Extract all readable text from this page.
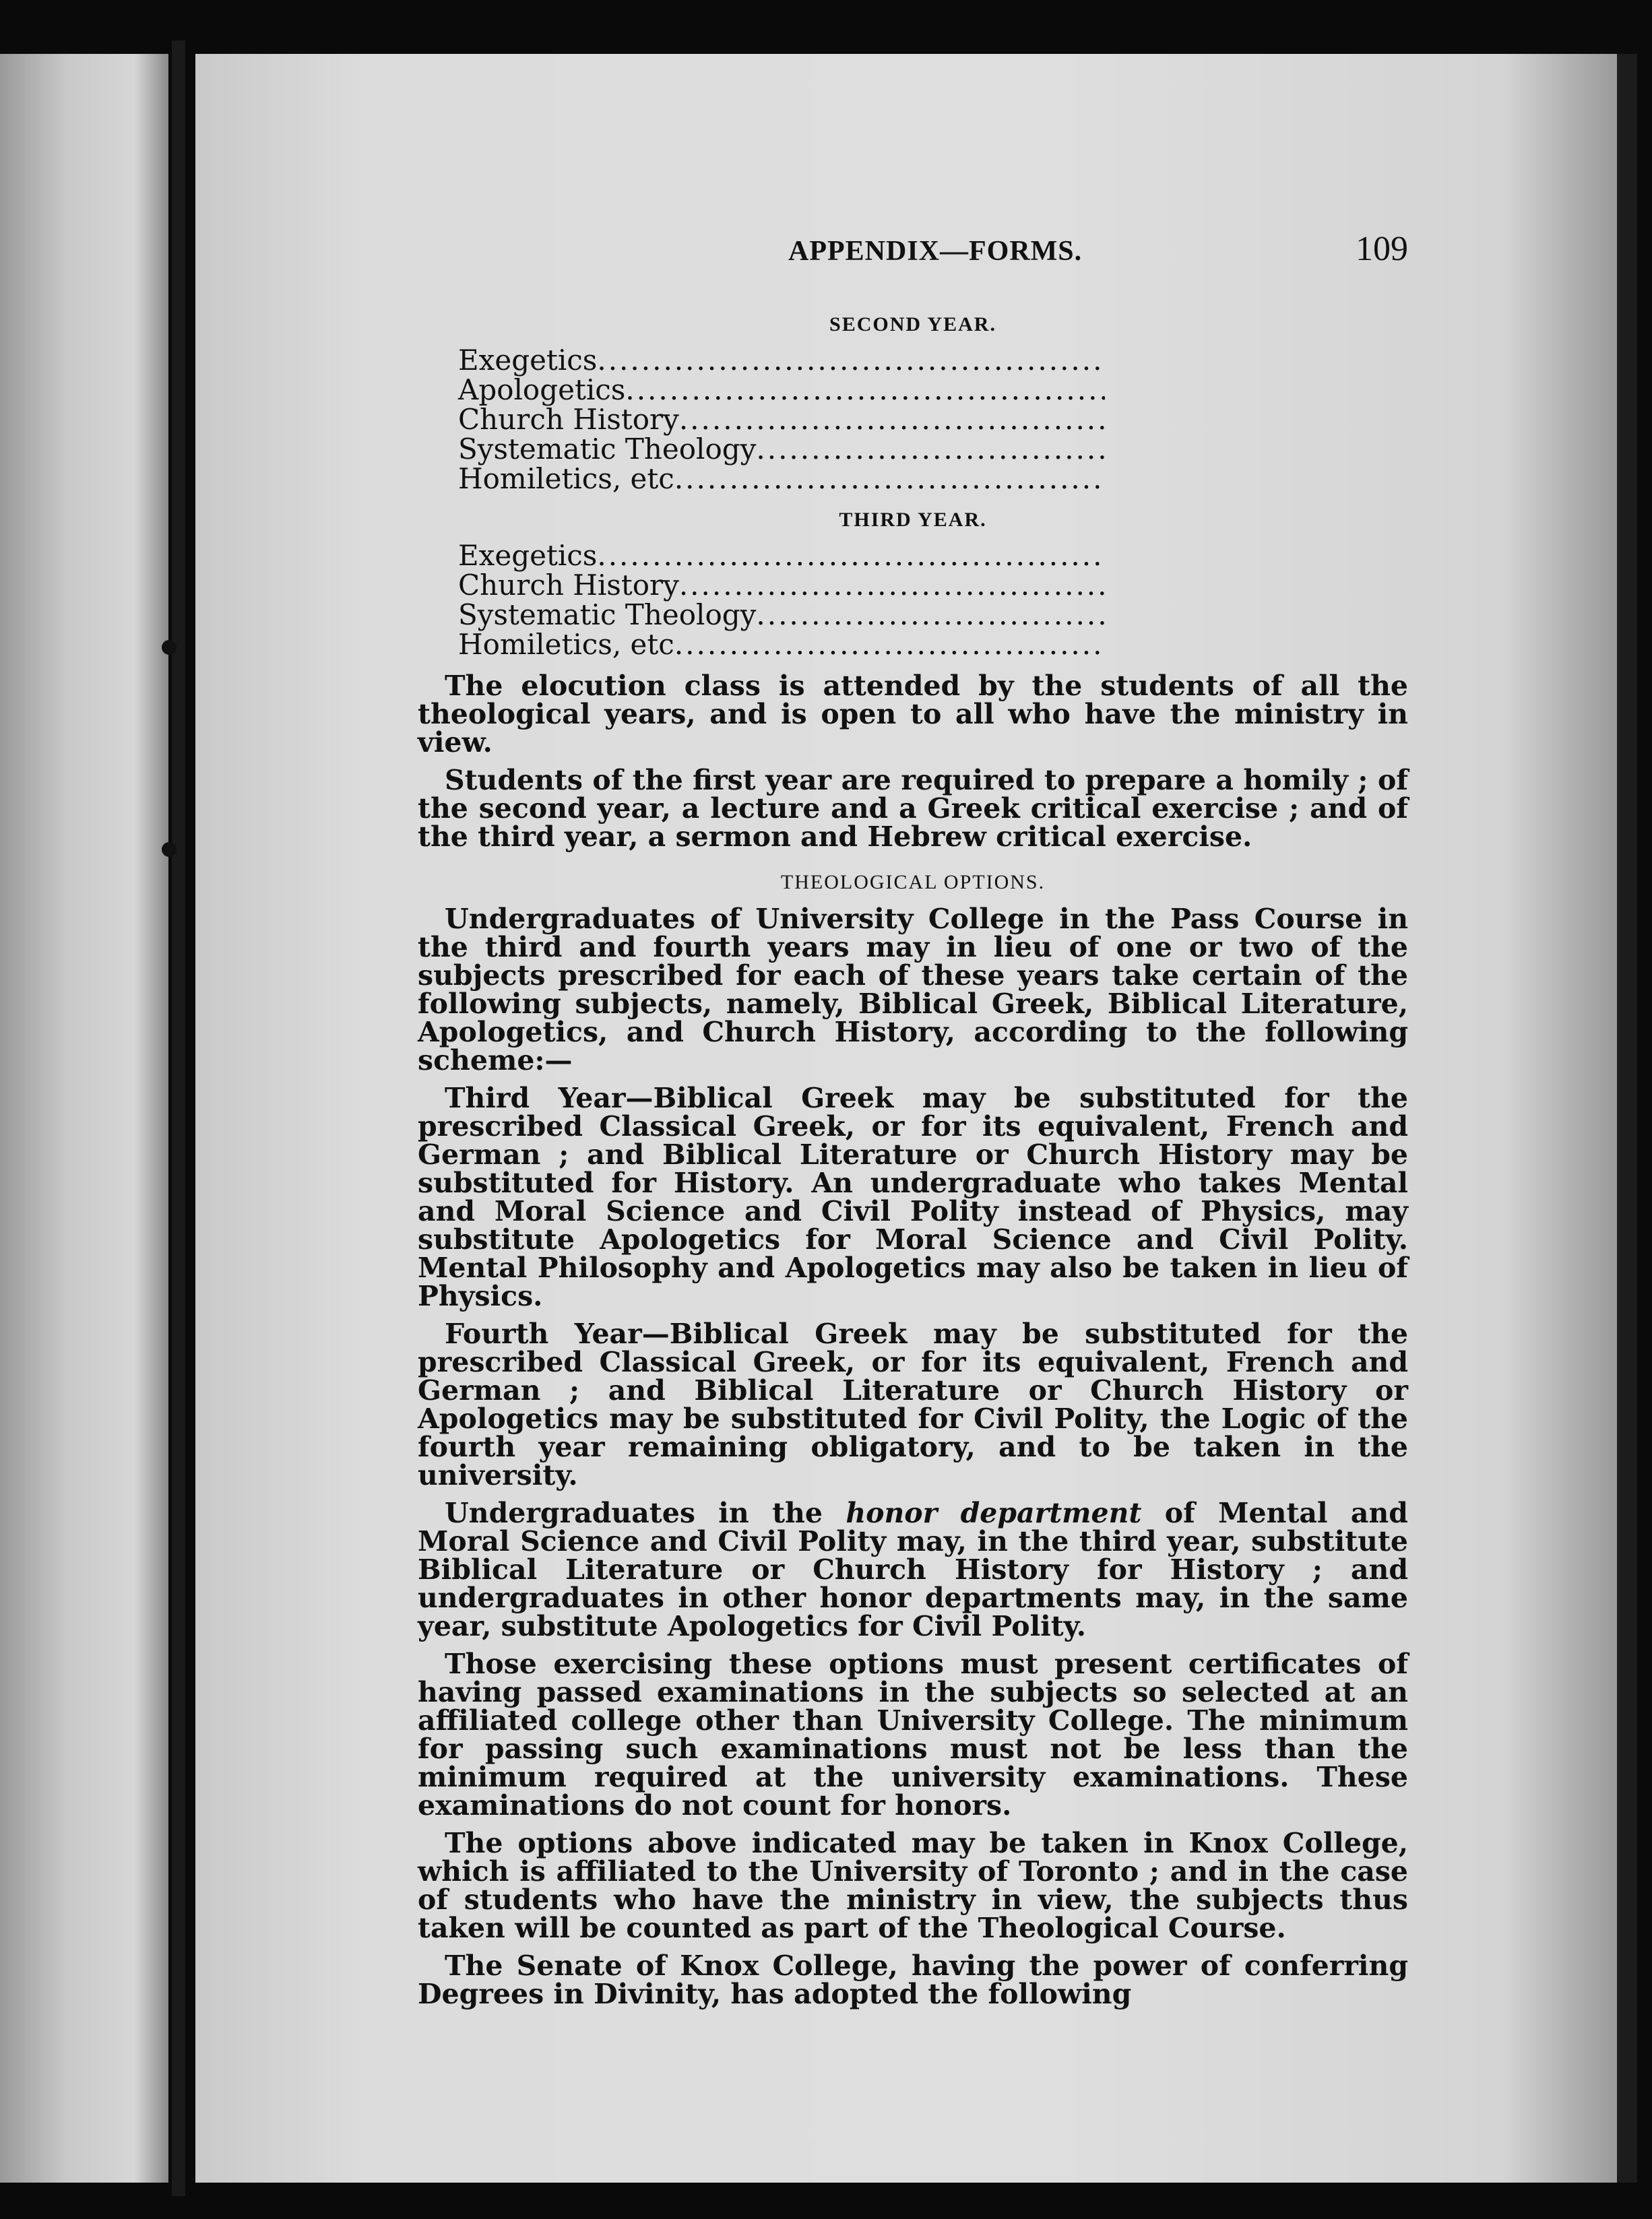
APPENDIX—FORMS.	109
SECOND YEAR.
Exegetics
.....
Apologetics
.....
Church History
.....
Systematic Theology
.....
Homiletics, etc
.....
THIRD YEAR.
Exegetics
.....
Church History
.....
Systematic Theology
.....
Homiletics, etc
.....

The elocution class is attended by the students of all the theological years, and is open to all who have the ministry in view.

Students of the first year are required to prepare a homily ; of the second year, a lecture and a Greek critical exercise ; and of the third year, a sermon and Hebrew critical exercise.

THEOLOGICAL OPTIONS.

Undergraduates of University College in the Pass Course in the third and fourth years may in lieu of one or two of the subjects prescribed for each of these years take certain of the following subjects, namely, Biblical Greek, Biblical Literature, Apologetics, and Church History, according to the following scheme:—

Third Year—Biblical Greek may be substituted for the prescribed Classical Greek, or for its equivalent, French and German ; and Biblical Literature or Church History may be substituted for History. An undergraduate who takes Mental and Moral Science and Civil Polity instead of Physics, may substitute Apologetics for Moral Science and Civil Polity. Mental Philosophy and Apologetics may also be taken in lieu of Physics.

Fourth Year—Biblical Greek may be substituted for the prescribed Classical Greek, or for its equivalent, French and German ; and Biblical Literature or Church History or Apologetics may be substituted for Civil Polity, the Logic of the fourth year remaining obligatory, and to be taken in the university.

Undergraduates in the honor department of Mental and Moral Science and Civil Polity may, in the third year, substitute Biblical Literature or Church History for History ; and undergraduates in other honor departments may, in the same year, substitute Apologetics for Civil Polity.

Those exercising these options must present certificates of having passed examinations in the subjects so selected at an affiliated college other than University College. The minimum for passing such examinations must not be less than the minimum required at the university examinations. These examinations do not count for honors.

The options above indicated may be taken in Knox College, which is affiliated to the University of Toronto ; and in the case of students who have the ministry in view, the subjects thus taken will be counted as part of the Theological Course.

The Senate of Knox College, having the power of conferring Degrees in Divinity, has adopted the following
